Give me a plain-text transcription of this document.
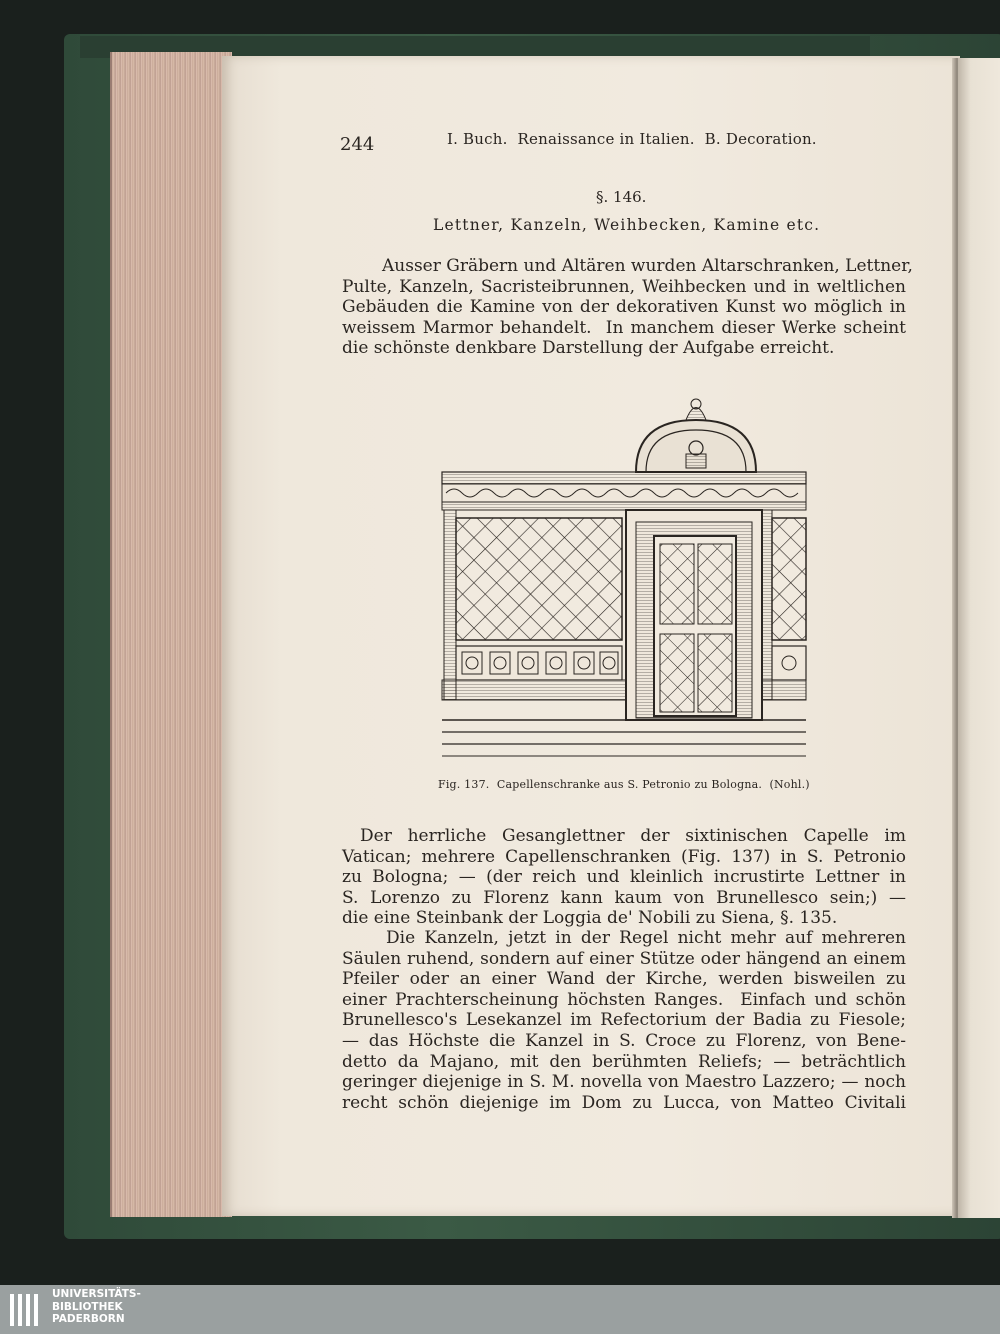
244	I. Buch.  Renaissance in Italien.  B. Decoration.
§. 146.
Lettner, Kanzeln, Weihbecken, Kamine etc.
Ausser Gräbern und Altären wurden Altarschranken, Lettner,
Pulte, Kanzeln, Sacristeibrunnen, Weihbecken und in weltlichen
Gebäuden die Kamine von der dekorativen Kunst wo möglich in
weissem Marmor behandelt.  In manchem dieser Werke scheint
die schönste denkbare Darstellung der Aufgabe erreicht.
Fig. 137.  Capellenschranke aus S. Petronio zu Bologna.  (Nohl.)
Der herrliche Gesanglettner der sixtinischen Capelle im
Vatican; mehrere Capellenschranken (Fig. 137) in S. Petronio
zu Bologna; — (der reich und kleinlich incrustirte Lettner in
S. Lorenzo zu Florenz kann kaum von Brunellesco sein;) —
die eine Steinbank der Loggia de' Nobili zu Siena, §. 135.
Die Kanzeln, jetzt in der Regel nicht mehr auf mehreren
Säulen ruhend, sondern auf einer Stütze oder hängend an einem
Pfeiler oder an einer Wand der Kirche, werden bisweilen zu
einer Prachterscheinung höchsten Ranges.  Einfach und schön
Brunellesco's Lesekanzel im Refectorium der Badia zu Fiesole;
— das Höchste die Kanzel in S. Croce zu Florenz, von Bene-
detto da Majano, mit den berühmten Reliefs; — beträchtlich
geringer diejenige in S. M. novella von Maestro Lazzero; — noch
recht schön diejenige im Dom zu Lucca, von Matteo Civitali
UNIVERSITÄTS-
BIBLIOTHEK
PADERBORN
